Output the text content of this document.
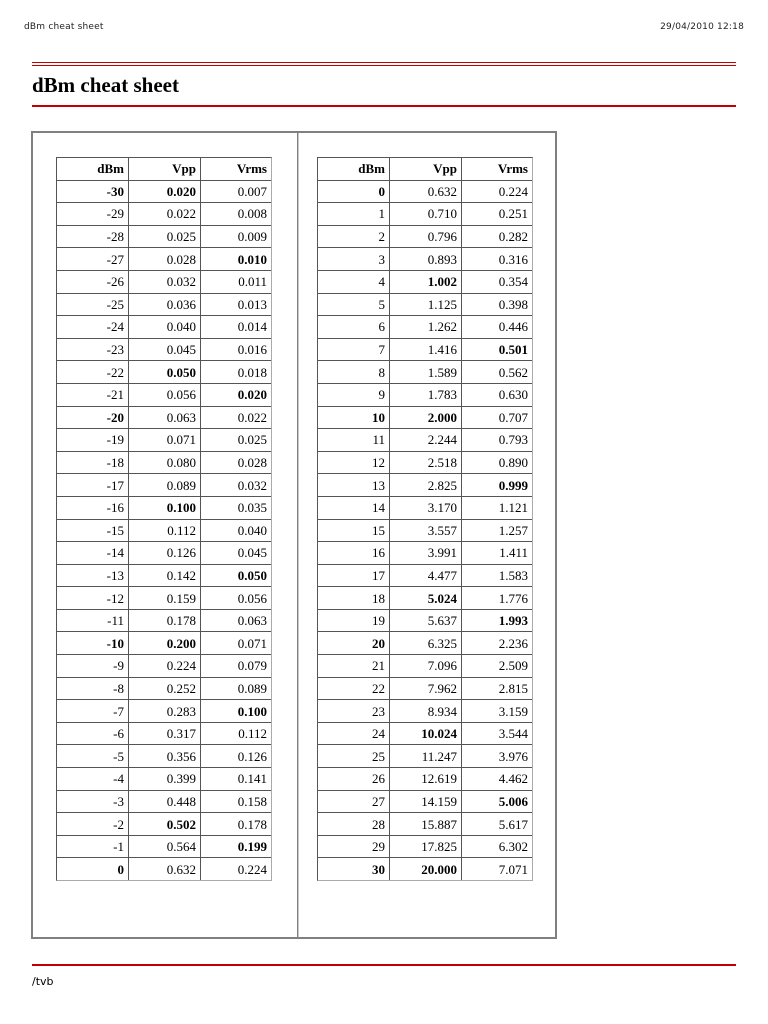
dBm cheat sheet	29/04/2010 12:18
dBm cheat sheet
dBm	Vpp	Vrms
-30	0.020	0.007
-29	0.022	0.008
-28	0.025	0.009
-27	0.028	0.010
-26	0.032	0.011
-25	0.036	0.013
-24	0.040	0.014
-23	0.045	0.016
-22	0.050	0.018
-21	0.056	0.020
-20	0.063	0.022
-19	0.071	0.025
-18	0.080	0.028
-17	0.089	0.032
-16	0.100	0.035
-15	0.112	0.040
-14	0.126	0.045
-13	0.142	0.050
-12	0.159	0.056
-11	0.178	0.063
-10	0.200	0.071
-9	0.224	0.079
-8	0.252	0.089
-7	0.283	0.100
-6	0.317	0.112
-5	0.356	0.126
-4	0.399	0.141
-3	0.448	0.158
-2	0.502	0.178
-1	0.564	0.199
0	0.632	0.224
dBm	Vpp	Vrms
0	0.632	0.224
1	0.710	0.251
2	0.796	0.282
3	0.893	0.316
4	1.002	0.354
5	1.125	0.398
6	1.262	0.446
7	1.416	0.501
8	1.589	0.562
9	1.783	0.630
10	2.000	0.707
11	2.244	0.793
12	2.518	0.890
13	2.825	0.999
14	3.170	1.121
15	3.557	1.257
16	3.991	1.411
17	4.477	1.583
18	5.024	1.776
19	5.637	1.993
20	6.325	2.236
21	7.096	2.509
22	7.962	2.815
23	8.934	3.159
24	10.024	3.544
25	11.247	3.976
26	12.619	4.462
27	14.159	5.006
28	15.887	5.617
29	17.825	6.302
30	20.000	7.071
/tvb
